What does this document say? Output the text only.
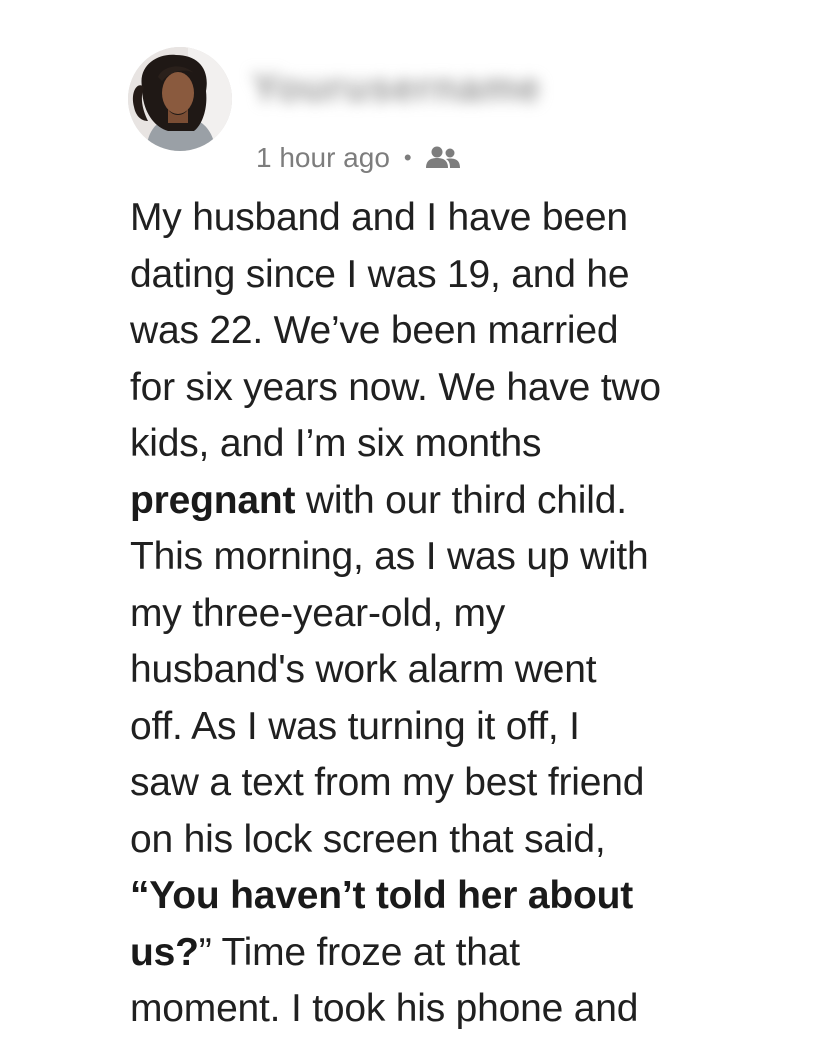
Yourusername
1 hour ago •
My husband and I have been
dating since I was 19, and he
was 22. We’ve been married
for six years now. We have two
kids, and I’m six months
pregnant with our third child.
This morning, as I was up with
my three-year-old, my
husband's work alarm went
off. As I was turning it off, I
saw a text from my best friend
on his lock screen that said,
“You haven’t told her about
us?” Time froze at that
moment. I took his phone and
